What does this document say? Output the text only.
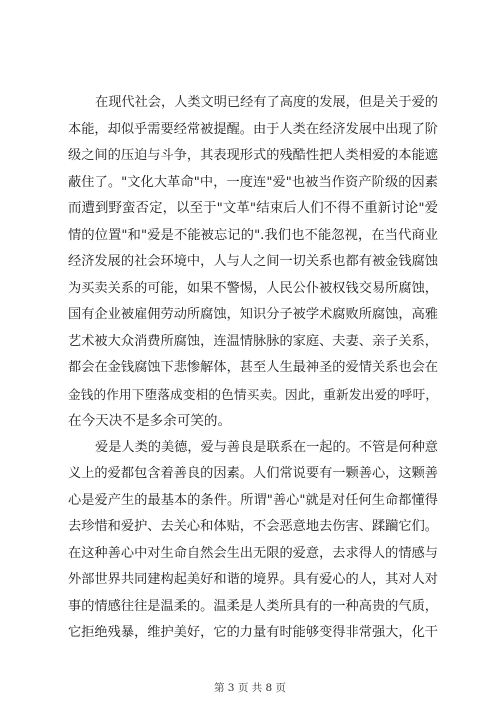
在现代社会，人类文明已经有了高度的发展，但是关于爱的
本能，却似乎需要经常被提醒。由于人类在经济发展中出现了阶
级之间的压迫与斗争，其表现形式的残酷性把人类相爱的本能遮
蔽住了。"文化大革命"中，一度连"爱"也被当作资产阶级的因素
而遭到野蛮否定，以至于"文革"结束后人们不得不重新讨论"爱
情的位置"和"爱是不能被忘记的".我们也不能忽视，在当代商业
经济发展的社会环境中，人与人之间一切关系也都有被金钱腐蚀
为买卖关系的可能，如果不警惕，人民公仆被权钱交易所腐蚀，
国有企业被雇佣劳动所腐蚀，知识分子被学术腐败所腐蚀，高雅
艺术被大众消费所腐蚀，连温情脉脉的家庭、夫妻、亲子关系，
都会在金钱腐蚀下悲惨解体，甚至人生最神圣的爱情关系也会在
金钱的作用下堕落成变相的色情买卖。因此，重新发出爱的呼吁，
在今天决不是多余可笑的。
爱是人类的美德，爱与善良是联系在一起的。不管是何种意
义上的爱都包含着善良的因素。人们常说要有一颗善心，这颗善
心是爱产生的最基本的条件。所谓"善心"就是对任何生命都懂得
去珍惜和爱护、去关心和体贴，不会恶意地去伤害、蹂躏它们。
在这种善心中对生命自然会生出无限的爱意，去求得人的情感与
外部世界共同建构起美好和谐的境界。具有爱心的人，其对人对
事的情感往往是温柔的。温柔是人类所具有的一种高贵的气质，
它拒绝残暴，维护美好，它的力量有时能够变得非常强大，化干
第 3 页 共 8 页
